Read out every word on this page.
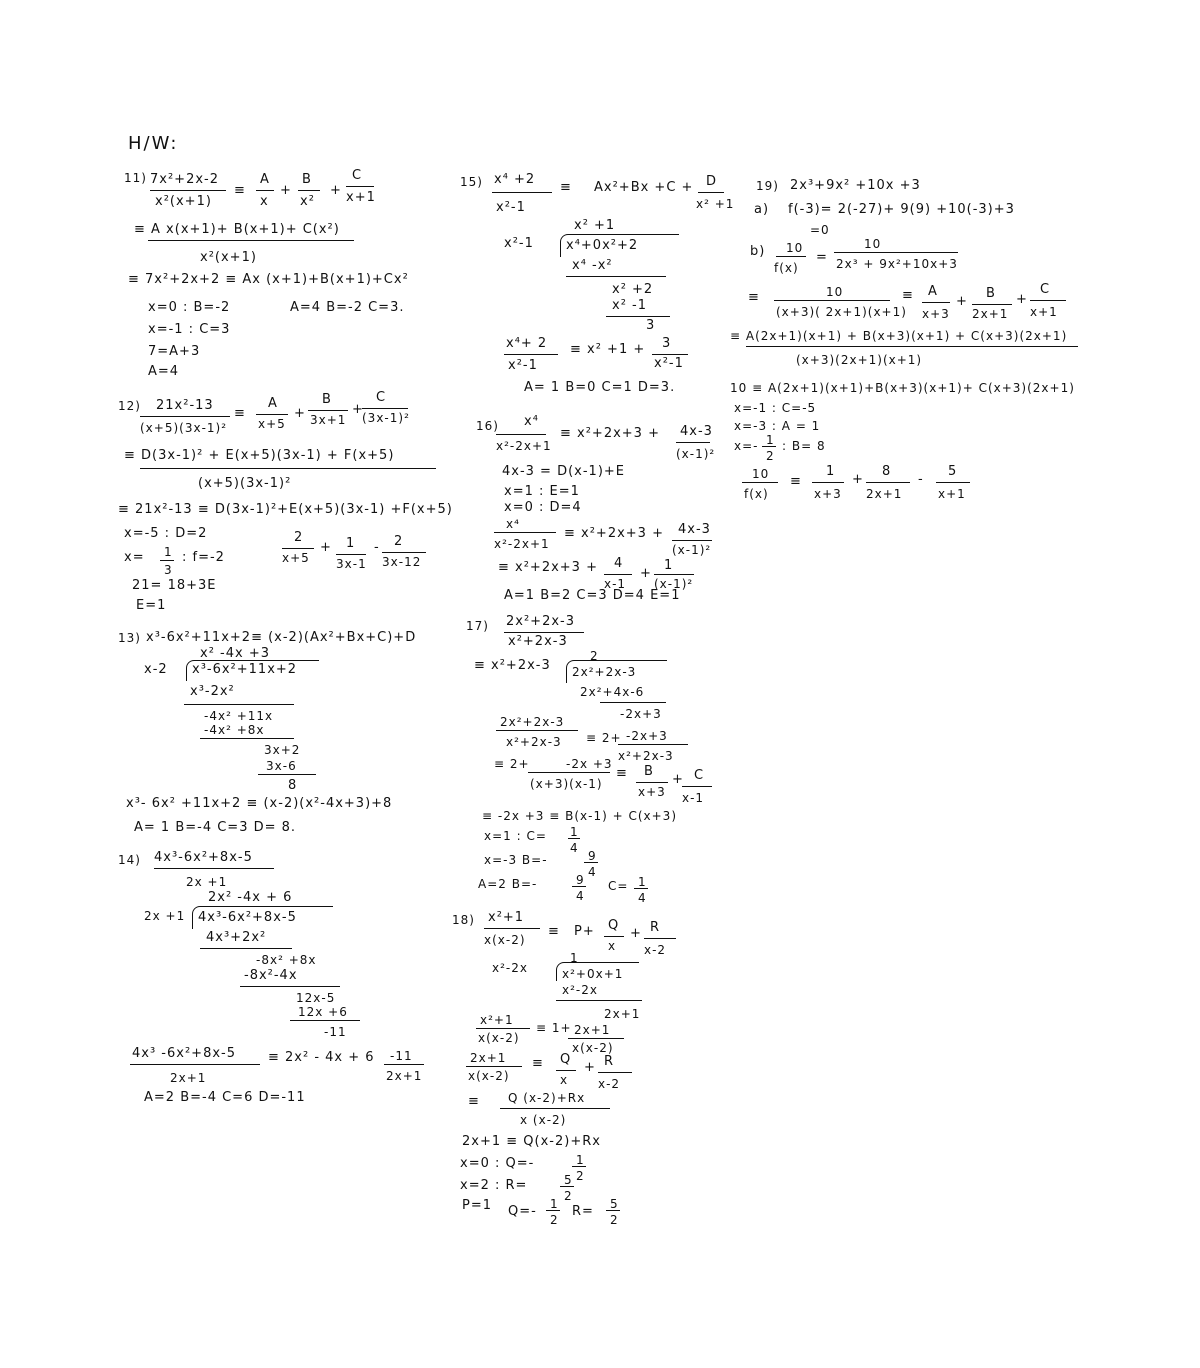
H/W:
11) 7x²+2x-2
x²(x+1)
≡
A
x
+
B
x²
+
C
x+1
≡ A x(x+1)+ B(x+1)+ C(x²)
x²(x+1)
≡ 7x²+2x+2 ≡ Ax (x+1)+B(x+1)+Cx²
x=0 : B=-2	A=4 B=-2 C=3.
x=-1 : C=3
7=A+3
A=4
12) 21x²-13
(x+5)(3x-1)²
≡
A
x+5
+
B
3x+1
+
C
(3x-1)²
≡ D(3x-1)² + E(x+5)(3x-1) + F(x+5)
(x+5)(3x-1)²
≡ 21x²-13 ≡ D(3x-1)²+E(x+5)(3x-1) +F(x+5)
x=-5 : D=2
x= 1
3
: f=-2
2
x+5
+ 1
3x-1
- 2
3x-12
21= 18+3E
E=1
13) x³-6x²+11x+2≡ (x-2)(Ax²+Bx+C)+D
x² -4x +3
x-2 x³-6x²+11x+2
x³-2x²
-4x² +11x
-4x² +8x
3x+2
3x-6
8
x³- 6x² +11x+2 ≡ (x-2)(x²-4x+3)+8
A= 1 B=-4 C=3 D= 8.
14) 4x³-6x²+8x-5
2x +1
2x² -4x + 6
2x +1 4x³-6x²+8x-5
4x³+2x²
-8x² +8x
-8x²-4x
12x-5
12x +6
-11
4x³ -6x²+8x-5
2x+1
≡ 2x² - 4x + 6 -11
2x+1
A=2 B=-4 C=6 D=-11
15) x⁴ +2
x²-1
≡ Ax²+Bx +C + D
x² +1
x² +1
x²-1 x⁴+0x²+2
x⁴ -x²
x² +2
x² -1
3
x⁴+ 2
x²-1
≡ x² +1 + 3
x²-1
A= 1 B=0 C=1 D=3.
16) x⁴
x²-2x+1
≡ x²+2x+3 + 4x-3
(x-1)²
4x-3 = D(x-1)+E
x=1 : E=1
x=0 : D=4
x⁴
x²-2x+1
≡ x²+2x+3 + 4x-3
(x-1)²
≡ x²+2x+3 + 4
x-1
+
1
(x-1)²
A=1 B=2 C=3 D=4 E=1
17) 2x²+2x-3
x²+2x-3
2
≡ x²+2x-3 2x²+2x-3
2x²+4x-6
-2x+3
2x²+2x-3
x²+2x-3 ≡ 2+ -2x+3
x²+2x-3
≡ 2+	-2x +3
(x+3)(x-1)
≡ B
x+3
+ C
x-1
≡ -2x +3 ≡ B(x-1) + C(x+3)
x=1 : C= 1
4
x=-3 B=-	9
4
A=2 B=-	9
4
C= 1
4
18) x²+1
x(x-2)
≡ P+ Q
x
+ R
x-2
1
x²-2x	x²+0x+1
x²-2x
2x+1
x²+1
x(x-2)
≡ 1+ 2x+1
x(x-2)
2x+1
x(x-2)
≡ Q
x
+ R
x-2
≡ Q (x-2)+Rx
x (x-2)
2x+1 ≡ Q(x-2)+Rx
x=0 : Q=-	1
2
x=2 : R=	5
2
P=1 Q=- 1
2
R= 5
2
19) 2x³+9x² +10x +3
a) f(-3)= 2(-27)+ 9(9) +10(-3)+3
=0
b) 10
f(x)
=
10
2x³ + 9x²+10x+3
≡	10
(x+3)( 2x+1)(x+1)
≡ A
x+3
+
B
2x+1
+
C
x+1
≡ A(2x+1)(x+1) + B(x+3)(x+1) + C(x+3)(2x+1)
(x+3)(2x+1)(x+1)
10 ≡ A(2x+1)(x+1)+B(x+3)(x+1)+ C(x+3)(2x+1)
x=-1 : C=-5
x=-3 : A = 1
x=- 1
2
: B= 8
10
f(x)
≡
1
x+3
+
8
2x+1
-
5
x+1
